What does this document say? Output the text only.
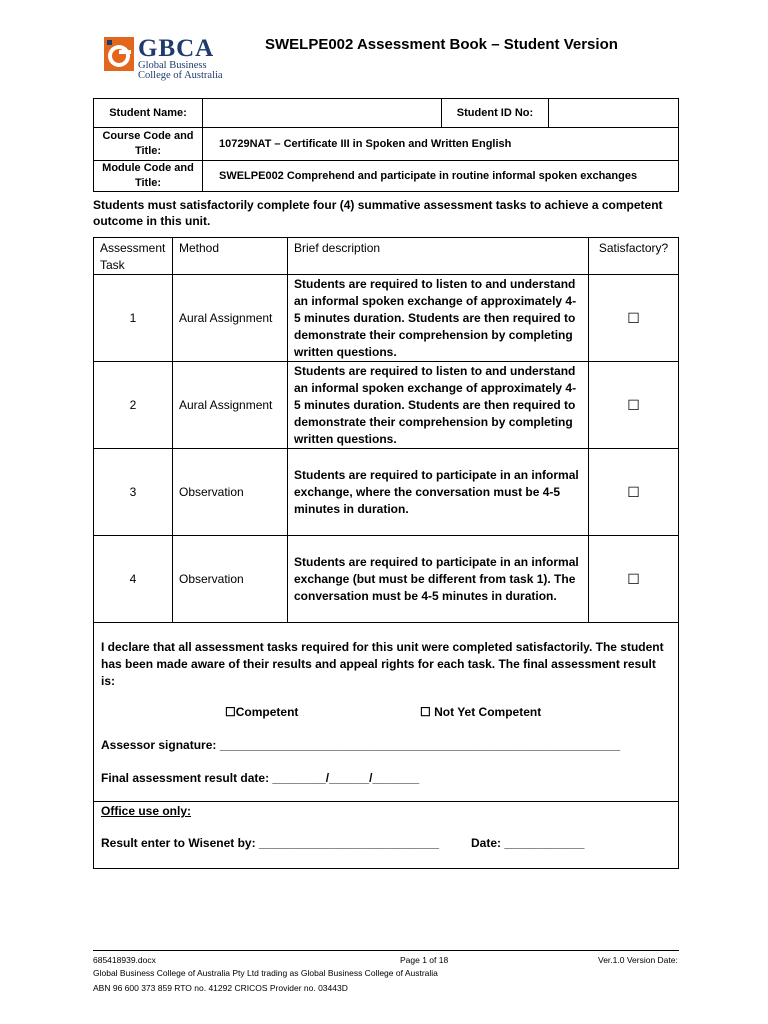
GBCA
Global Business
College of Australia
SWELPE002 Assessment Book – Student Version
Student Name:		Student ID No:	
Course Code and Title:	10729NAT – Certificate III in Spoken and Written English		
Module Code and Title:	SWELPE002 Comprehend and participate in routine informal spoken exchanges		
Students must satisfactorily complete four (4) summative assessment tasks to achieve a competent outcome in this unit.
Assessment Task	Method	Brief description	Satisfactory?
1	Aural Assignment	Students are required to listen to and understand an informal spoken exchange of approximately 4-5 minutes duration. Students are then required to demonstrate their comprehension by completing written questions.	☐
2	Aural Assignment	Students are required to listen to and understand an informal spoken exchange of approximately 4-5 minutes duration. Students are then required to demonstrate their comprehension by completing written questions.	☐
3	Observation	Students are required to participate in an informal exchange, where the conversation must be 4-5 minutes in duration.	☐
4	Observation	Students are required to participate in an informal exchange (but must be different from task 1). The conversation must be 4-5 minutes in duration.	☐
I declare that all assessment tasks required for this unit were completed satisfactorily. The student has been made aware of their results and appeal rights for each task. The final assessment result is:
☐Competent	☐ Not Yet Competent
Assessor signature: ____________________________________________________________
Final assessment result date: ________/______/_______
Office use only:
Result enter to Wisenet by: ___________________________	Date: ____________
685418939.docx	Page 1 of 18	Ver.1.0 Version Date:
Global Business College of Australia Pty Ltd trading as Global Business College of Australia
ABN 96 600 373 859 RTO no. 41292 CRICOS Provider no. 03443D
